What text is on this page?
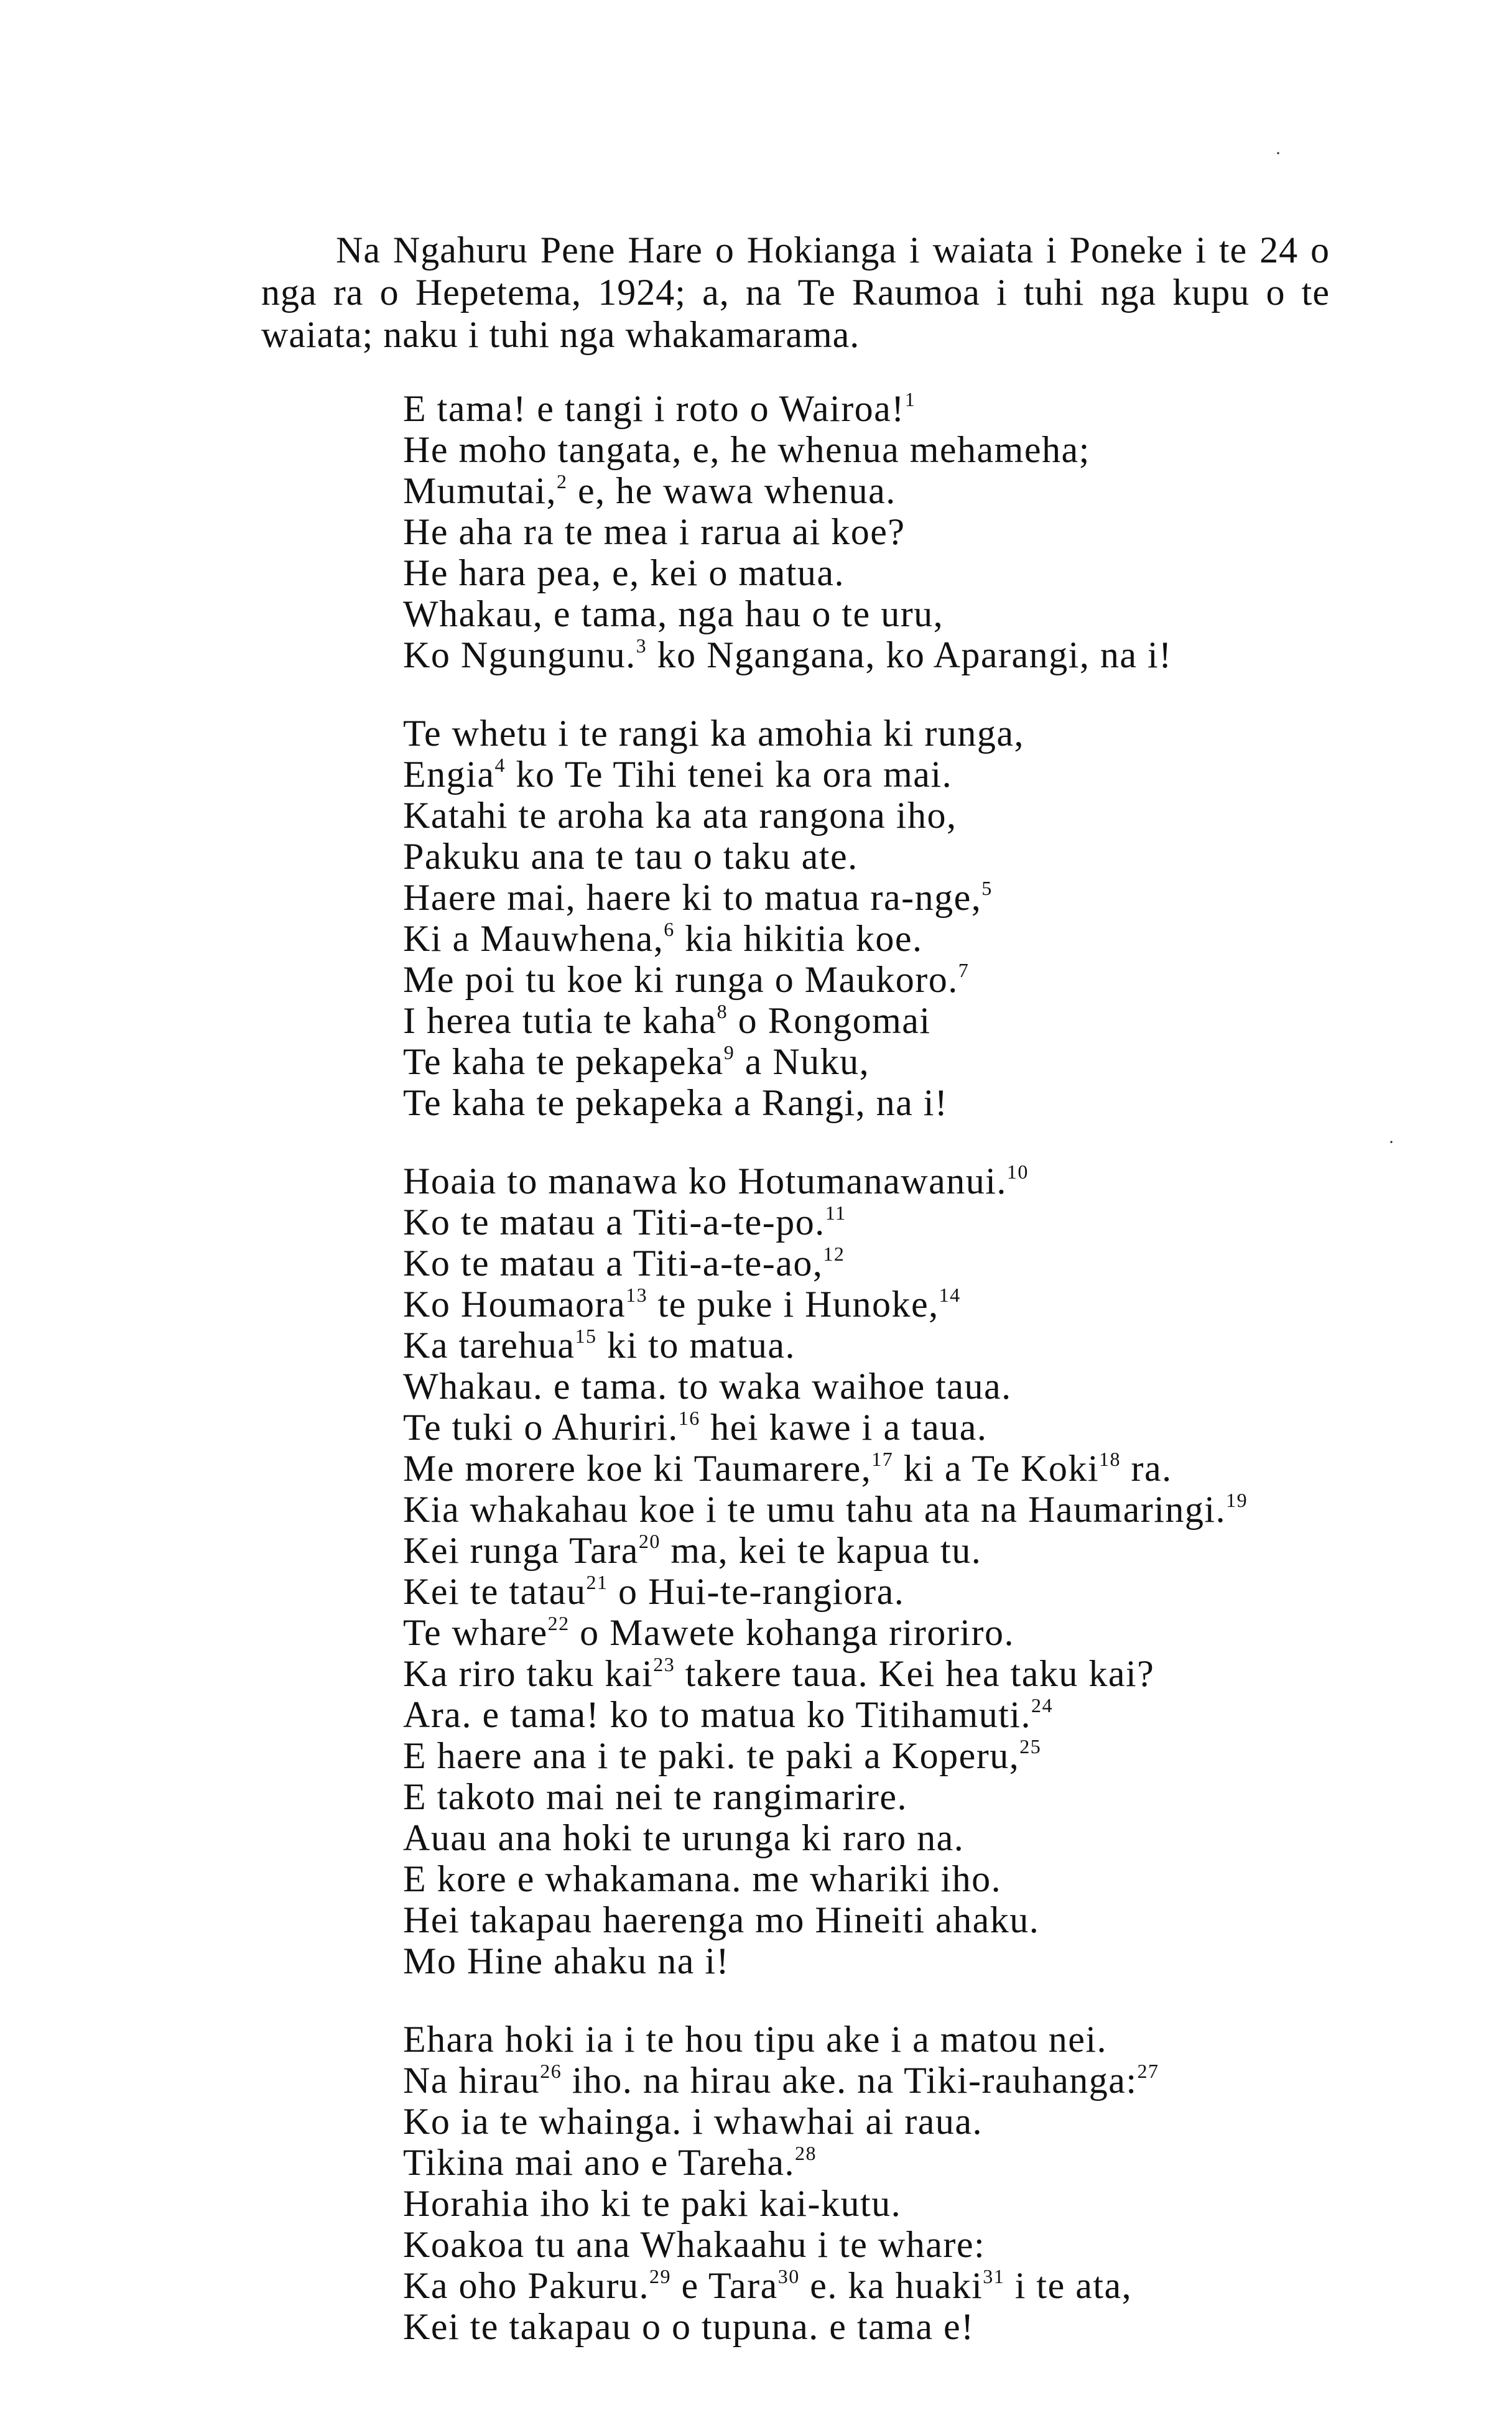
·
·

Na Ngahuru Pene Hare o Hokianga i waiata i Poneke i te 24 o nga ra o Hepetema, 1924; a, na Te Raumoa i tuhi nga kupu o te waiata; naku i tuhi nga whakamarama.

E tama! e tangi i roto o Wairoa!$^1$
He moho tangata, e, he whenua mehameha;
Mumutai,$^2$ e, he wawa whenua.
He aha ra te mea i rarua ai koe?
He hara pea, e, kei o matua.
Whakau, e tama, nga hau o te uru,
Ko Ngungunu.$^3$ ko Ngangana, ko Aparangi, na i!
Te whetu i te rangi ka amohia ki runga,
Engia$^4$ ko Te Tihi tenei ka ora mai.
Katahi te aroha ka ata rangona iho,
Pakuku ana te tau o taku ate.
Haere mai, haere ki to matua ra-nge,$^5$
Ki a Mauwhena,$^6$ kia hikitia koe.
Me poi tu koe ki runga o Maukoro.$^7$
I herea tutia te kaha$^8$ o Rongomai
Te kaha te pekapeka$^9$ a Nuku,
Te kaha te pekapeka a Rangi, na i!
Hoaia to manawa ko Hotumanawanui.$^{10}$
Ko te matau a Titi-a-te-po.$^{11}$
Ko te matau a Titi-a-te-ao,$^{12}$
Ko Houmaora$^{13}$ te puke i Hunoke,$^{14}$
Ka tarehua$^{15}$ ki to matua.
Whakau. e tama. to waka waihoe taua.
Te tuki o Ahuriri.$^{16}$ hei kawe i a taua.
Me morere koe ki Taumarere,$^{17}$ ki a Te Koki$^{18}$ ra.
Kia whakahau koe i te umu tahu ata na Haumaringi.$^{19}$
Kei runga Tara$^{20}$ ma, kei te kapua tu.
Kei te tatau$^{21}$ o Hui-te-rangiora.
Te whare$^{22}$ o Mawete kohanga riroriro.
Ka riro taku kai$^{23}$ takere taua. Kei hea taku kai?
Ara. e tama! ko to matua ko Titihamuti.$^{24}$
E haere ana i te paki. te paki a Koperu,$^{25}$
E takoto mai nei te rangimarire.
Auau ana hoki te urunga ki raro na.
E kore e whakamana. me whariki iho.
Hei takapau haerenga mo Hineiti ahaku.
Mo Hine ahaku na i!
Ehara hoki ia i te hou tipu ake i a matou nei.
Na hirau$^{26}$ iho. na hirau ake. na Tiki-rauhanga:$^{27}$
Ko ia te whainga. i whawhai ai raua.
Tikina mai ano e Tareha.$^{28}$
Horahia iho ki te paki kai-kutu.
Koakoa tu ana Whakaahu i te whare:
Ka oho Pakuru.$^{29}$ e Tara$^{30}$ e. ka huaki$^{31}$ i te ata,
Kei te takapau o o tupuna. e tama e!
